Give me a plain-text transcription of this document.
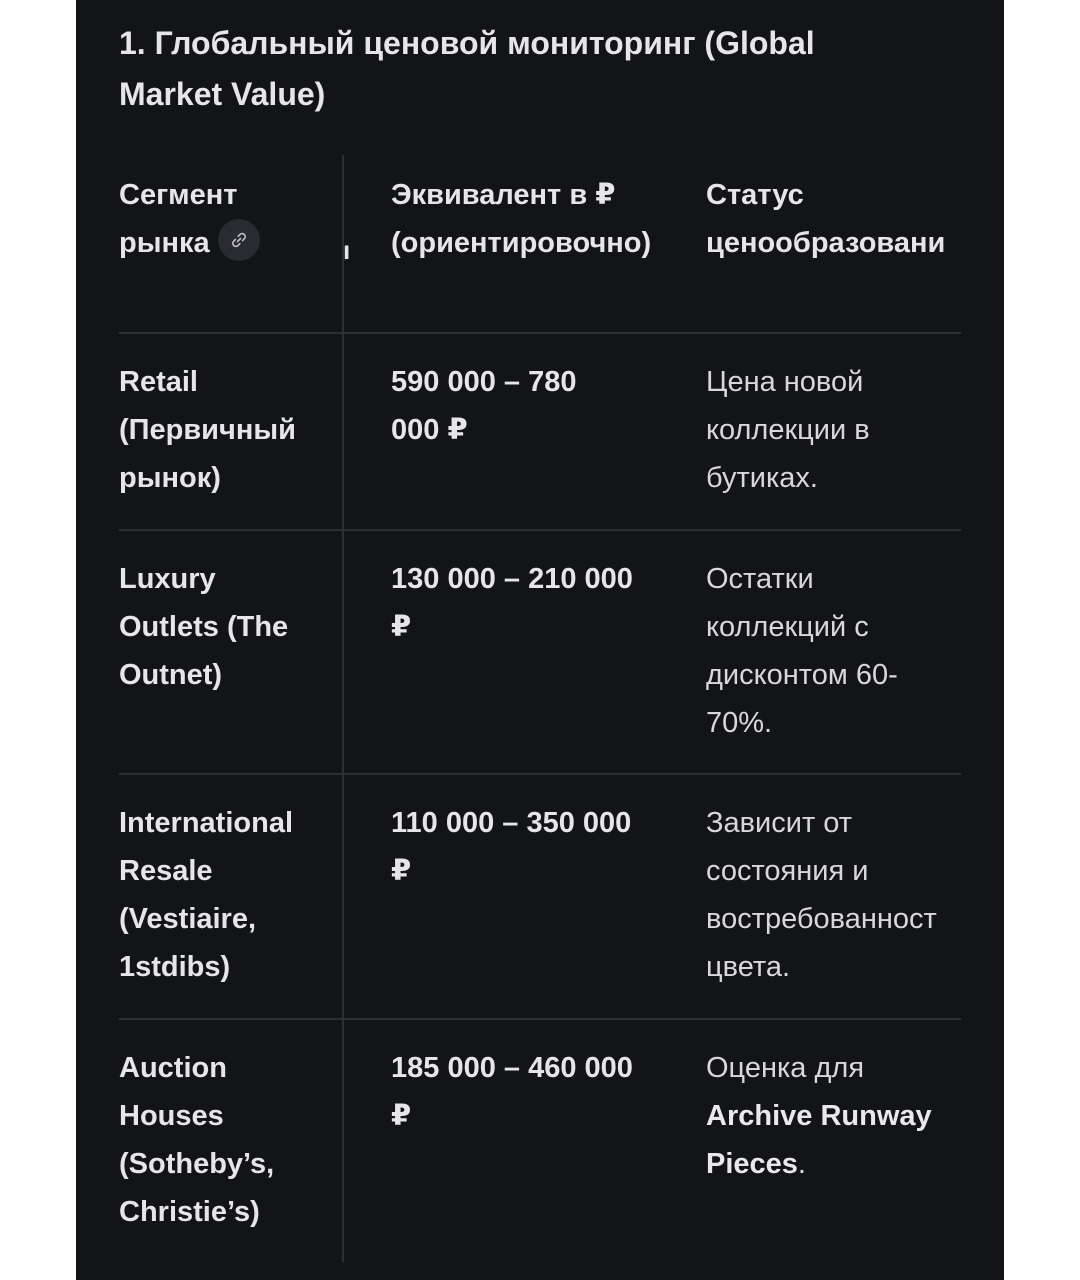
1. Глобальный ценовой мониторинг (Global
Market Value)
Сегмент
рынка	ı
Эквивалент в ₽
(ориентировочно)
Статус
ценообразовани
Retail
(Первичный
рынок)
590 000 – 780
000 ₽
Цена новой
коллекции в
бутиках.
Luxury
Outlets (The
Outnet)
130 000 – 210 000
₽
Остатки
коллекций с
дисконтом 60-
70%.
International
Resale
(Vestiaire,
1stdibs)
110 000 – 350 000
₽
Зависит от
состояния и
востребованност
цвета.
Auction
Houses
(Sotheby’s,
Christie’s)
185 000 – 460 000
₽
Оценка для
Archive Runway
Pieces.
